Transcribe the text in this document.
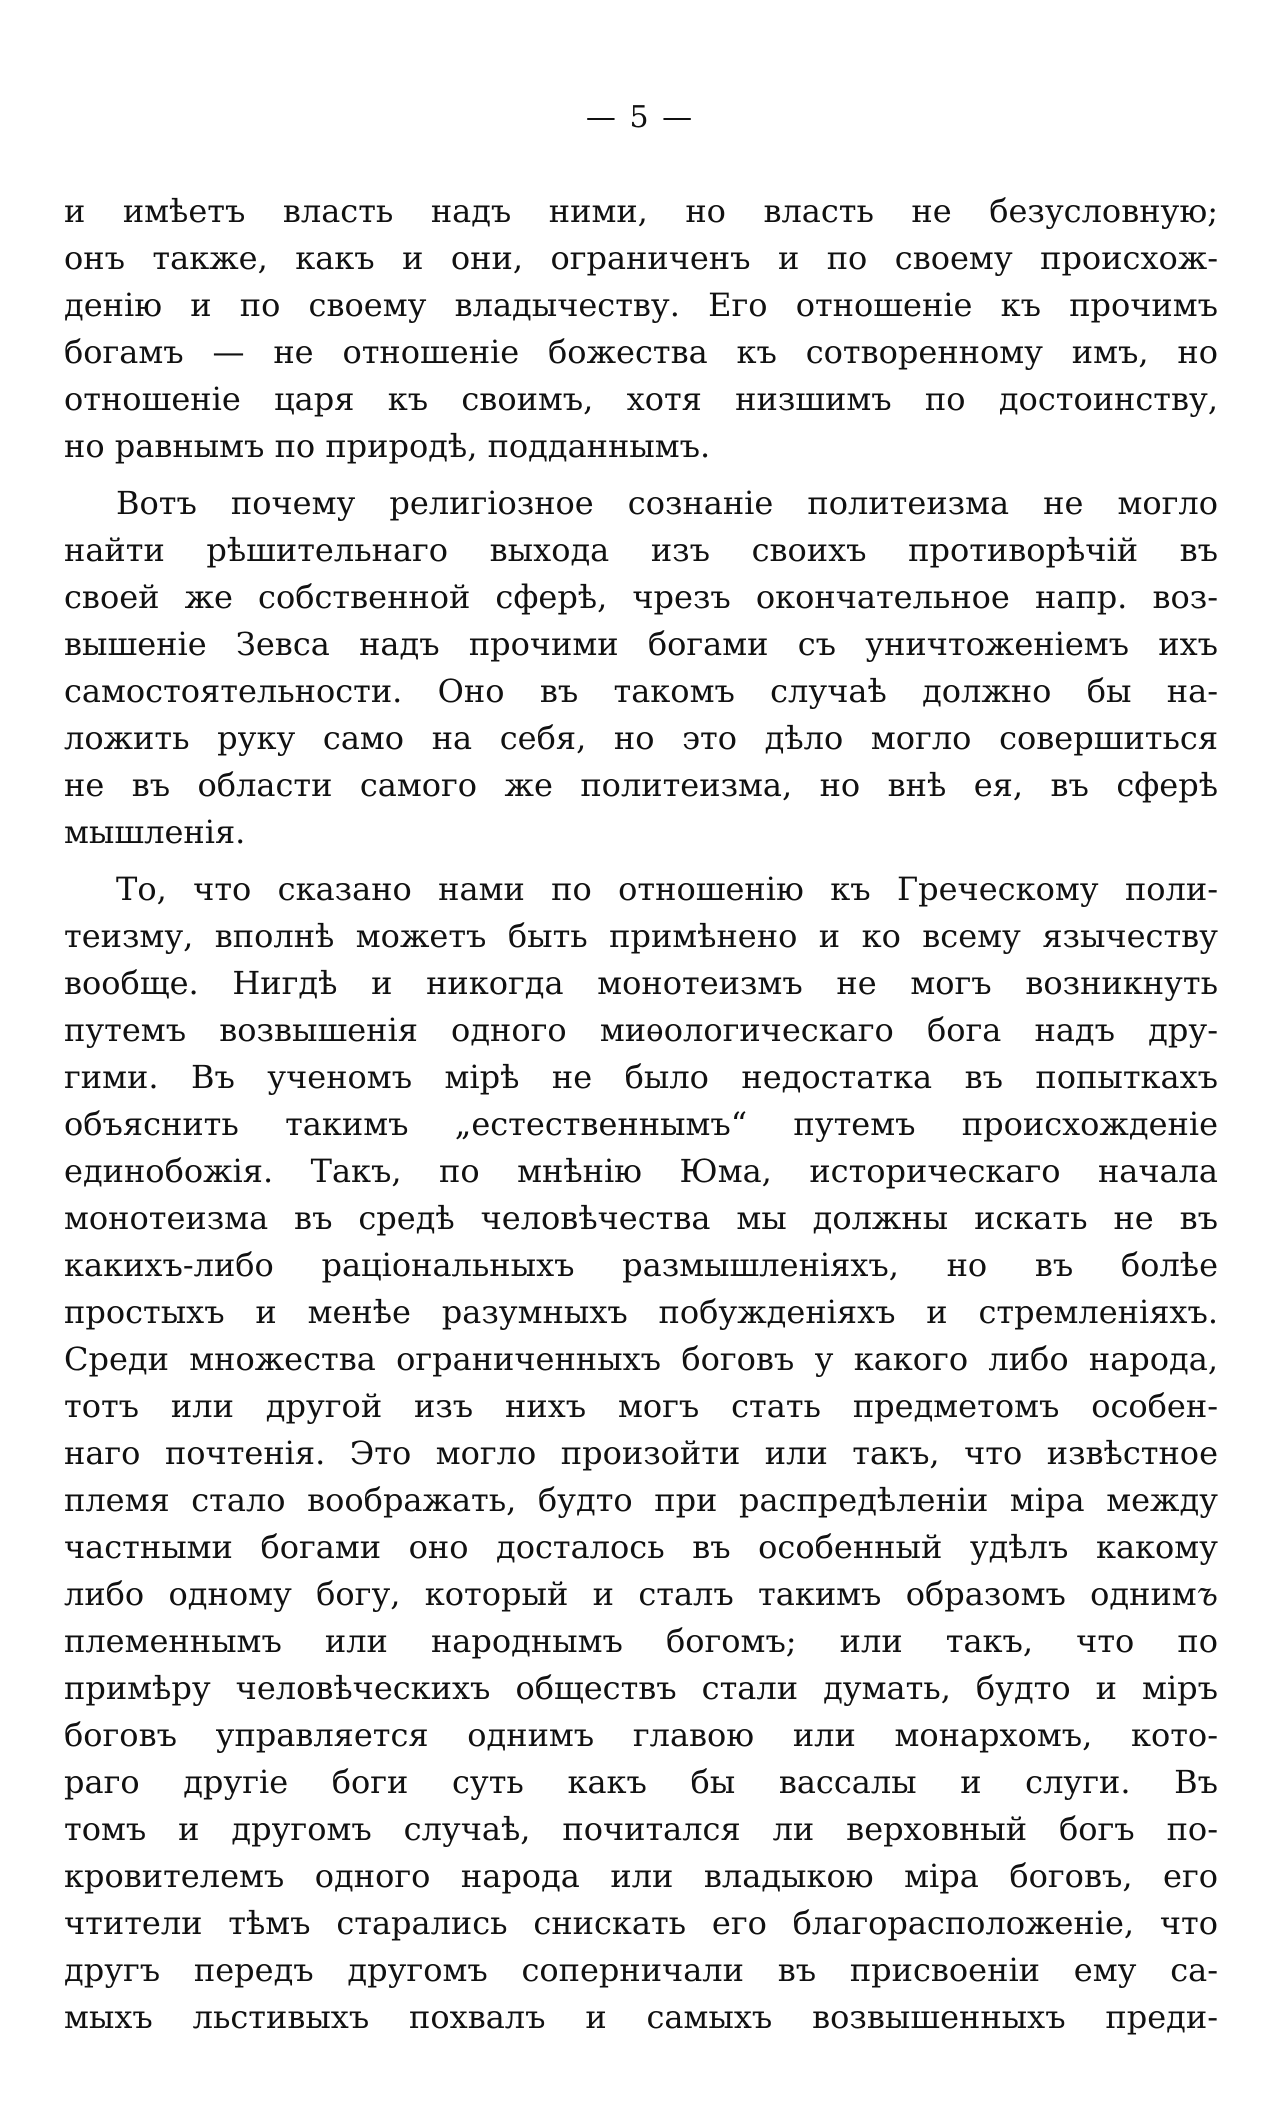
— 5 —
и имѣетъ власть надъ ними, но власть не безусловную;
онъ также, какъ и они, ограниченъ и по своему происхож-
денію и по своему владычеству. Его отношеніе къ прочимъ
богамъ — не отношеніе божества къ сотворенному имъ, но
отношеніе царя къ своимъ, хотя низшимъ по достоинству,
но равнымъ по природѣ, подданнымъ.
Вотъ почему религіозное сознаніе политеизма не могло
найти рѣшительнаго выхода изъ своихъ противорѣчій въ
своей же собственной сферѣ, чрезъ окончательное напр. воз-
вышеніе Зевса надъ прочими богами съ уничтоженіемъ ихъ
самостоятельности. Оно въ такомъ случаѣ должно бы на-
ложить руку само на себя, но это дѣло могло совершиться
не въ области самого же политеизма, но внѣ ея, въ сферѣ
мышленія.
То, что сказано нами по отношенію къ Греческому поли-
теизму, вполнѣ можетъ быть примѣнено и ко всему язычеству
вообще. Нигдѣ и никогда монотеизмъ не могъ возникнуть
путемъ возвышенія одного миѳологическаго бога надъ дру-
гими. Въ ученомъ мірѣ не было недостатка въ попыткахъ
объяснить такимъ „естественнымъ“ путемъ происхожденіе
единобожія. Такъ, по мнѣнію Юма, историческаго начала
монотеизма въ средѣ человѣчества мы должны искать не въ
какихъ-либо раціональныхъ размышленіяхъ, но въ болѣе
простыхъ и менѣе разумныхъ побужденіяхъ и стремленіяхъ.
Среди множества ограниченныхъ боговъ у какого либо народа,
тотъ или другой изъ нихъ могъ стать предметомъ особен-
наго почтенія. Это могло произойти или такъ, что извѣстное
племя стало воображать, будто при распредѣленіи міра между
частными богами оно досталось въ особенный удѣлъ какому
либо одному богу, который и сталъ такимъ образомъ однимъ
племеннымъ или народнымъ богомъ; или такъ, что по
примѣру человѣческихъ обществъ стали думать, будто и міръ
боговъ управляется однимъ главою или монархомъ, кото-
раго другіе боги суть какъ бы вассалы и слуги. Въ
томъ и другомъ случаѣ, почитался ли верховный богъ по-
кровителемъ одного народа или владыкою міра боговъ, его
чтители тѣмъ старались снискать его благорасположеніе, что
другъ передъ другомъ соперничали въ присвоеніи ему са-
мыхъ льстивыхъ похвалъ и самыхъ возвышенныхъ преди-
